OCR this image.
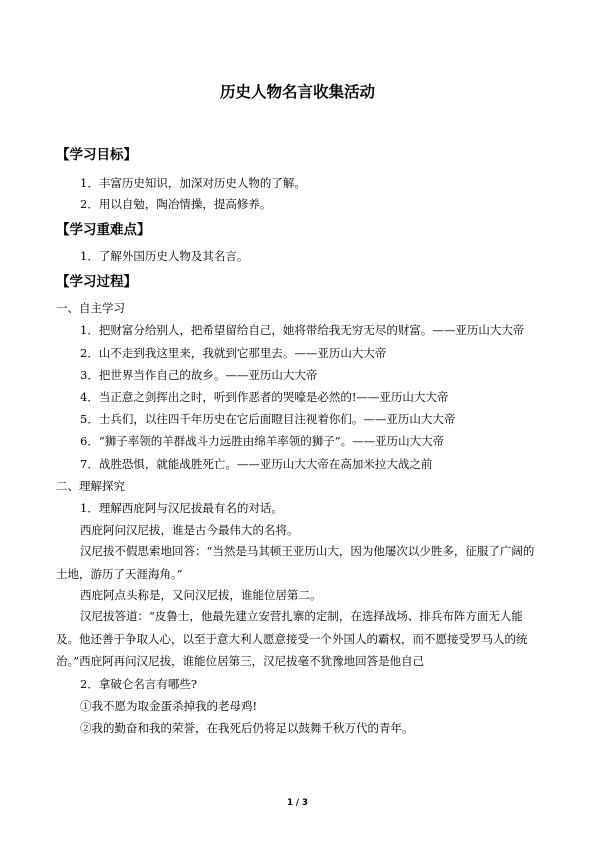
历史人物名言收集活动
【学习目标】
1．丰富历史知识，加深对历史人物的了解。
2．用以自勉，陶冶情操，提高修养。
【学习重难点】
1．了解外国历史人物及其名言。
【学习过程】
一、自主学习
1．把财富分给别人，把希望留给自己，她将带给我无穷无尽的财富。——亚历山大大帝
2．山不走到我这里来，我就到它那里去。——亚历山大大帝
3．把世界当作自己的故乡。——亚历山大大帝
4．当正意之剑挥出之时，听到作恶者的哭嚎是必然的!——亚历山大大帝
5．士兵们，以往四千年历史在它后面瞪目注视着你们。——亚历山大大帝
6．“狮子率领的羊群战斗力远胜由绵羊率领的狮子”。——亚历山大大帝
7．战胜恐惧，就能战胜死亡。——亚历山大大帝在高加米拉大战之前
二、理解探究
1．理解西庇阿与汉尼拔最有名的对话。
西庇阿问汉尼拔，谁是古今最伟大的名将。
汉尼拔不假思索地回答：“当然是马其顿王亚历山大，因为他屡次以少胜多，征服了广阔的土地，游历了天涯海角。”
西庇阿点头称是，又问汉尼拔，谁能位居第二。
汉尼拔答道：“皮鲁士，他最先建立安营扎寨的定制，在选择战场、排兵布阵方面无人能及。他还善于争取人心，以至于意大利人愿意接受一个外国人的霸权，而不愿接受罗马人的统治。”西庇阿再问汉尼拔，谁能位居第三，汉尼拔毫不犹豫地回答是他自己
2．拿破仑名言有哪些?
①我不愿为取金蛋杀掉我的老母鸡!
②我的勤奋和我的荣誉，在我死后仍将足以鼓舞千秋万代的青年。
1 / 3
